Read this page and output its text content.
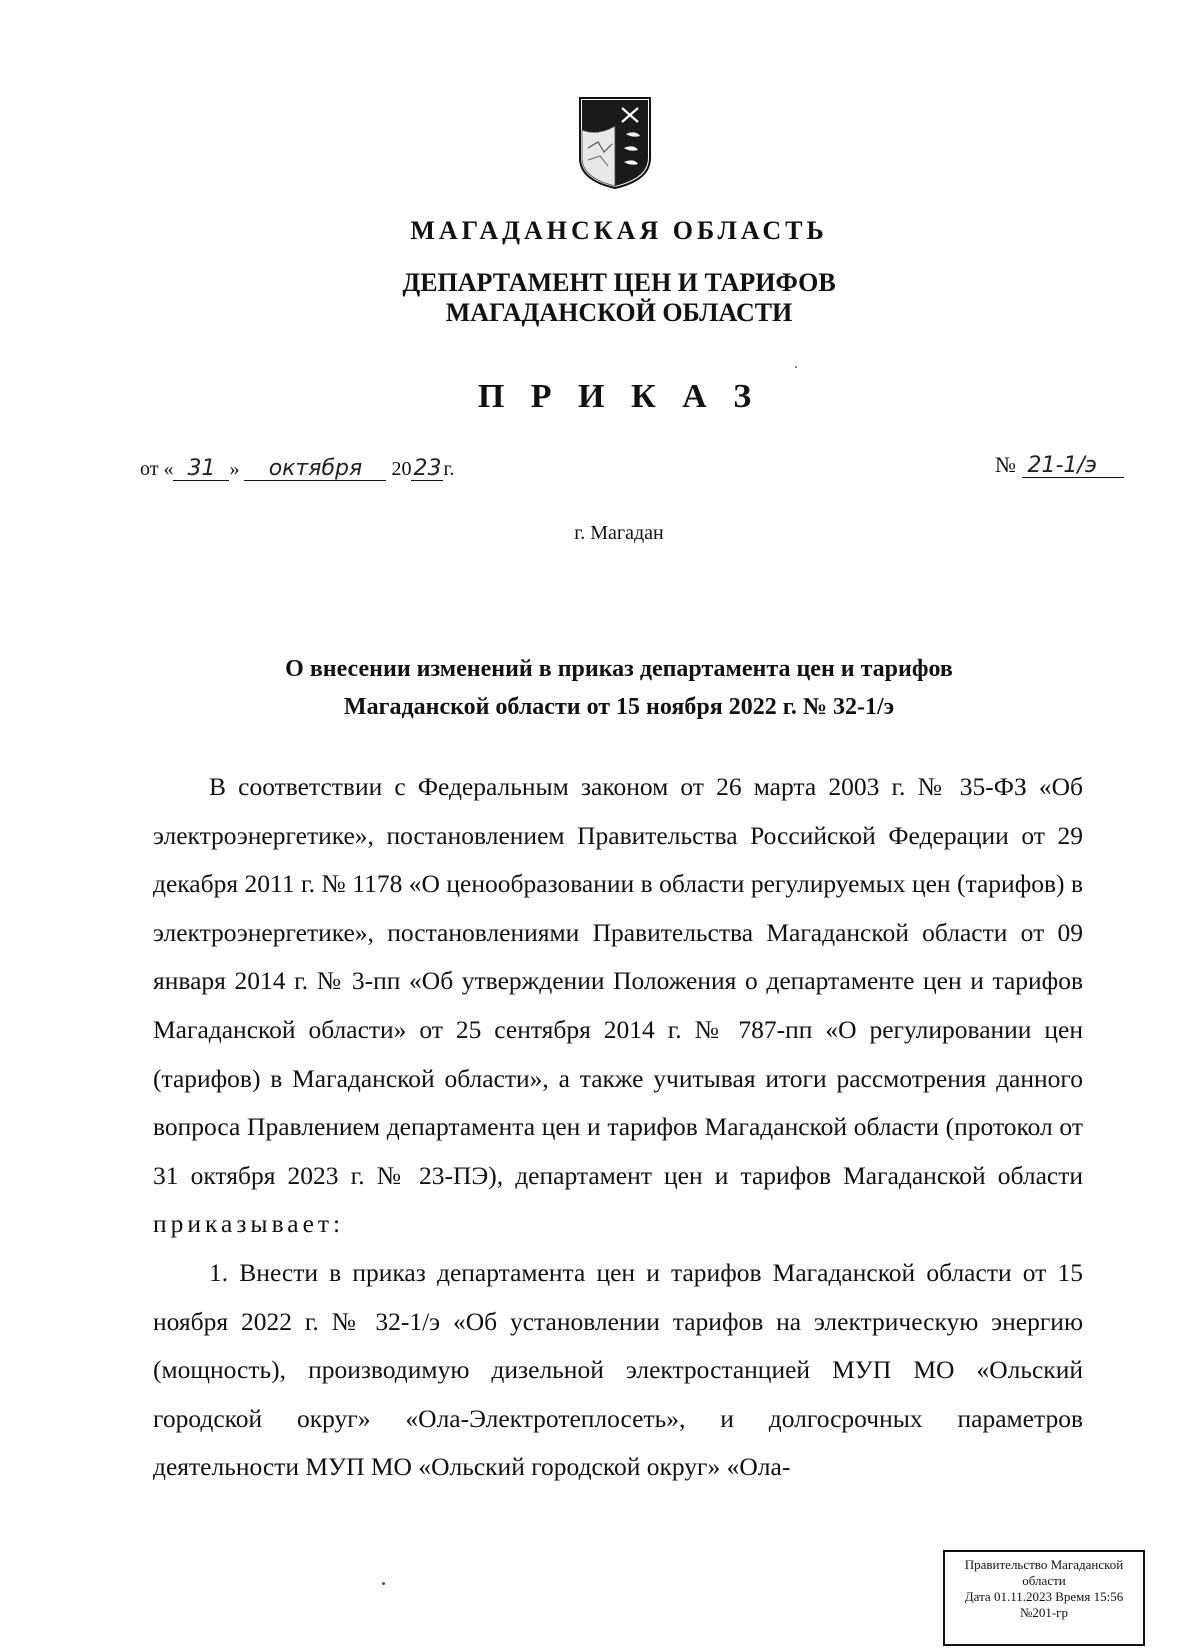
МАГАДАНСКАЯ ОБЛАСТЬ
ДЕПАРТАМЕНТ ЦЕН И ТАРИФОВ
МАГАДАНСКОЙ ОБЛАСТИ
П Р И К А З
от « 31 » октября 2023 г.	№ 21-1/э
г. Магадан
О внесении изменений в приказ департамента цен и тарифов
Магаданской области от 15 ноября 2022 г. № 32-1/э

В соответствии с Федеральным законом от 26 марта 2003 г. № 35-ФЗ «Об электроэнергетике», постановлением Правительства Российской Федерации от 29 декабря 2011 г. № 1178 «О ценообразовании в области регулируемых цен (тарифов) в электроэнергетике», постановлениями Правительства Магаданской области от 09 января 2014 г. № 3-пп «Об утверждении Положения о департаменте цен и тарифов Магаданской области» от 25 сентября 2014 г. № 787-пп «О регулировании цен (тарифов) в Магаданской области», а также учитывая итоги рассмотрения данного вопроса Правлением департамента цен и тарифов Магаданской области (протокол от 31 октября 2023 г. № 23-ПЭ), департамент цен и тарифов Магаданской области приказывает:

1. Внести в приказ департамента цен и тарифов Магаданской области от 15 ноября 2022 г. № 32-1/э «Об установлении тарифов на электрическую энергию (мощность), производимую дизельной электростанцией МУП МО «Ольский городской округ» «Ола-Электротеплосеть», и долгосрочных параметров деятельности МУП МО «Ольский городской округ» «Ола-

Правительство Магаданской
области
Дата 01.11.2023 Время 15:56
№201-гр
